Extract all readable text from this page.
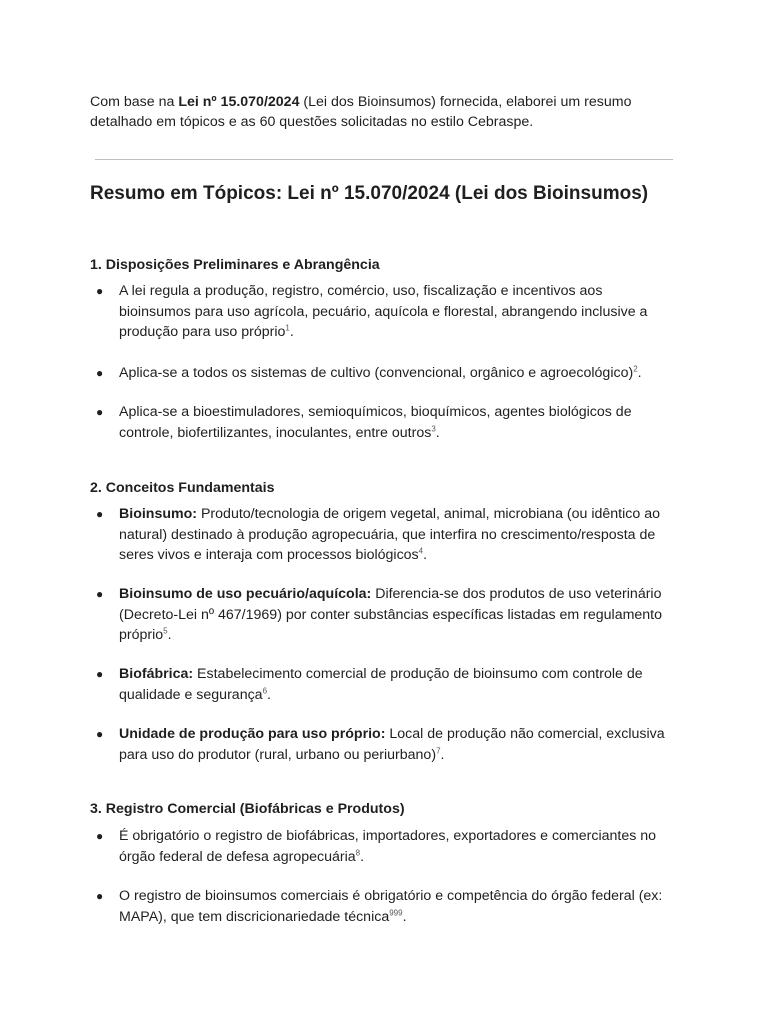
Com base na Lei nº 15.070/2024 (Lei dos Bioinsumos) fornecida, elaborei um resumo detalhado em tópicos e as 60 questões solicitadas no estilo Cebraspe.

Resumo em Tópicos: Lei nº 15.070/2024 (Lei dos Bioinsumos)
1. Disposições Preliminares e Abrangência
● A lei regula a produção, registro, comércio, uso, fiscalização e incentivos aos bioinsumos para uso agrícola, pecuário, aquícola e florestal, abrangendo inclusive a produção para uso próprio$^1$.
● Aplica-se a todos os sistemas de cultivo (convencional, orgânico e agroecológico)$^2$.
● Aplica-se a bioestimuladores, semioquímicos, bioquímicos, agentes biológicos de controle, biofertilizantes, inoculantes, entre outros$^3$.
2. Conceitos Fundamentais
● Bioinsumo: Produto/tecnologia de origem vegetal, animal, microbiana (ou idêntico ao natural) destinado à produção agropecuária, que interfira no crescimento/resposta de seres vivos e interaja com processos biológicos$^4$.
● Bioinsumo de uso pecuário/aquícola: Diferencia-se dos produtos de uso veterinário (Decreto-Lei nº 467/1969) por conter substâncias específicas listadas em regulamento próprio$^5$.
● Biofábrica: Estabelecimento comercial de produção de bioinsumo com controle de qualidade e segurança$^6$.
● Unidade de produção para uso próprio: Local de produção não comercial, exclusiva para uso do produtor (rural, urbano ou periurbano)$^7$.
3. Registro Comercial (Biofábricas e Produtos)
● É obrigatório o registro de biofábricas, importadores, exportadores e comerciantes no órgão federal de defesa agropecuária$^8$.
● O registro de bioinsumos comerciais é obrigatório e competência do órgão federal (ex: MAPA), que tem discricionariedade técnica$^{999}$.
